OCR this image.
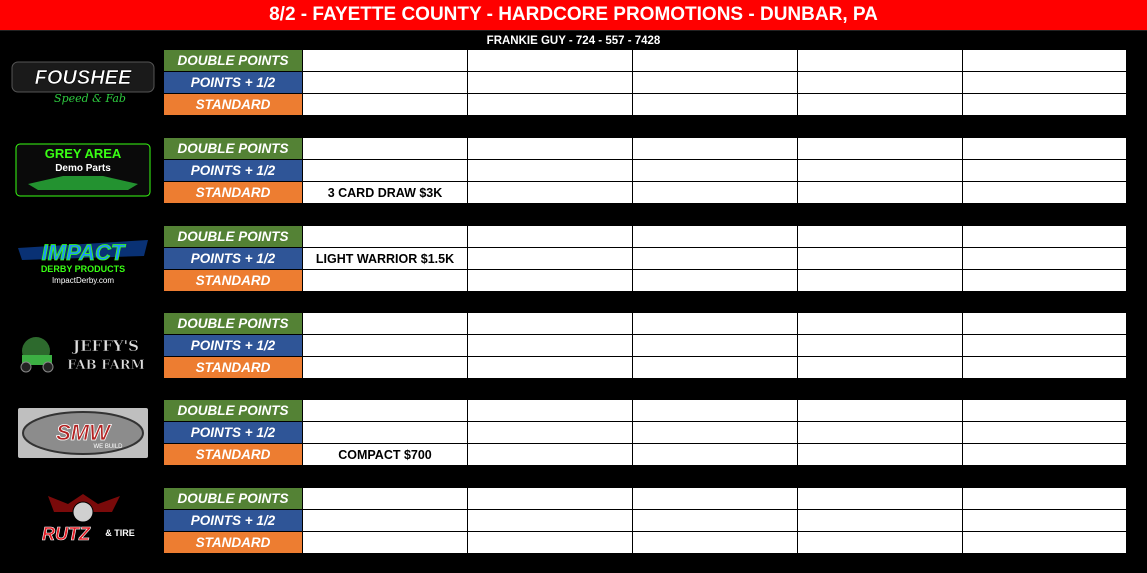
8/2 - FAYETTE COUNTY - HARDCORE PROMOTIONS - DUNBAR, PA
FRANKIE GUY - 724 - 557 - 7428
FOUSHEE
Speed & Fab
DOUBLE POINTS
POINTS + 1/2
STANDARD
GREY AREA
Demo Parts
DOUBLE POINTS
POINTS + 1/2
STANDARD	3 CARD DRAW $3K
IMPACT
DERBY PRODUCTS
ImpactDerby.com
DOUBLE POINTS
POINTS + 1/2	LIGHT WARRIOR $1.5K
STANDARD
JEFFY'S
FAB FARM
DOUBLE POINTS
POINTS + 1/2
STANDARD
SMW
WE BUILD
DOUBLE POINTS
POINTS + 1/2
STANDARD	COMPACT $700
RUTZ & TIRE
DOUBLE POINTS
POINTS + 1/2
STANDARD
